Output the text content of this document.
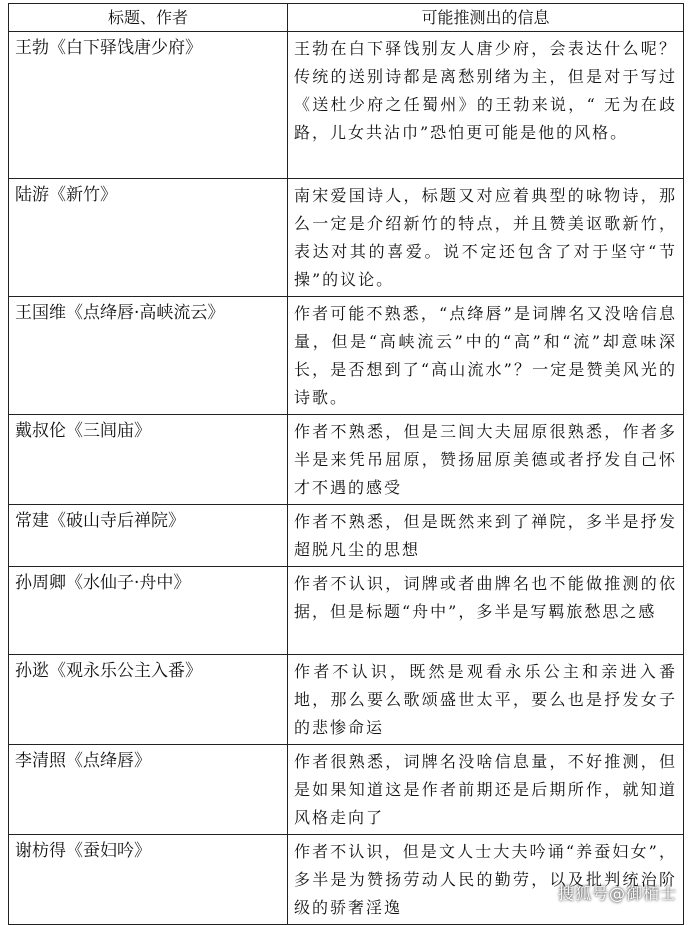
标题、作者	可能推测出的信息
王勃《白下驿饯唐少府》	王勃在白下驿饯别友人唐少府，会表达什么呢？传统的送别诗都是离愁别绪为主，但是对于写过《送杜少府之任蜀州》的王勃来说，“ 无为在歧路，儿女共沾巾”恐怕更可能是他的风格。
陆游《新竹》	南宋爱国诗人，标题又对应着典型的咏物诗，那么一定是介绍新竹的特点，并且赞美讴歌新竹，表达对其的喜爱。说不定还包含了对于坚守“节操”的议论。
王国维《点绛唇·高峡流云》	作者可能不熟悉，“点绛唇”是词牌名又没啥信息量，但是“高峡流云”中的“高”和“流”却意味深长，是否想到了“高山流水”？一定是赞美风光的诗歌。
戴叔伦《三闾庙》	作者不熟悉，但是三闾大夫屈原很熟悉，作者多半是来凭吊屈原，赞扬屈原美德或者抒发自己怀才不遇的感受
常建《破山寺后禅院》	作者不熟悉，但是既然来到了禅院，多半是抒发超脱凡尘的思想
孙周卿《水仙子·舟中》	作者不认识，词牌或者曲牌名也不能做推测的依据，但是标题“舟中”，多半是写羁旅愁思之感
孙逖《观永乐公主入番》	作者不认识，既然是观看永乐公主和亲进入番地，那么要么歌颂盛世太平，要么也是抒发女子的悲惨命运
李清照《点绛唇》	作者很熟悉，词牌名没啥信息量，不好推测，但是如果知道这是作者前期还是后期所作，就知道风格走向了
谢枋得《蚕妇吟》	作者不认识，但是文人士大夫吟诵“养蚕妇女”，多半是为赞扬劳动人民的勤劳，以及批判统治阶级的骄奢淫逸
搜狐号@御栢士
